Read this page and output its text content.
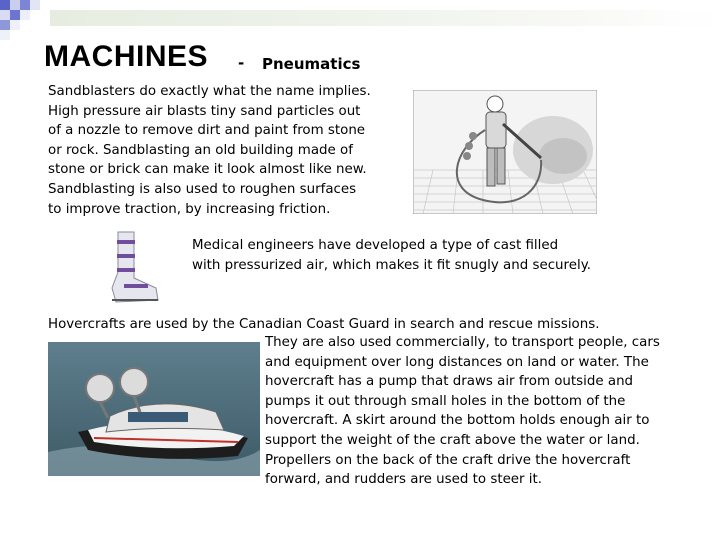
MACHINES - Pneumatics
Sandblasters do exactly what the name implies.
High pressure air blasts tiny sand particles out
of a nozzle to remove dirt and paint from stone
or rock. Sandblasting an old building made of
stone or brick can make it look almost like new.
Sandblasting is also used to roughen surfaces
to improve traction, by increasing friction.
Medical engineers have developed a type of cast filled
with pressurized air, which makes it fit snugly and securely.
Hovercrafts are used by the Canadian Coast Guard in search and rescue missions.
They are also used commercially, to transport people, cars
and equipment over long distances on land or water. The
hovercraft has a pump that draws air from outside and
pumps it out through small holes in the bottom of the
hovercraft. A skirt around the bottom holds enough air to
support the weight of the craft above the water or land.
Propellers on the back of the craft drive the hovercraft
forward, and rudders are used to steer it.
